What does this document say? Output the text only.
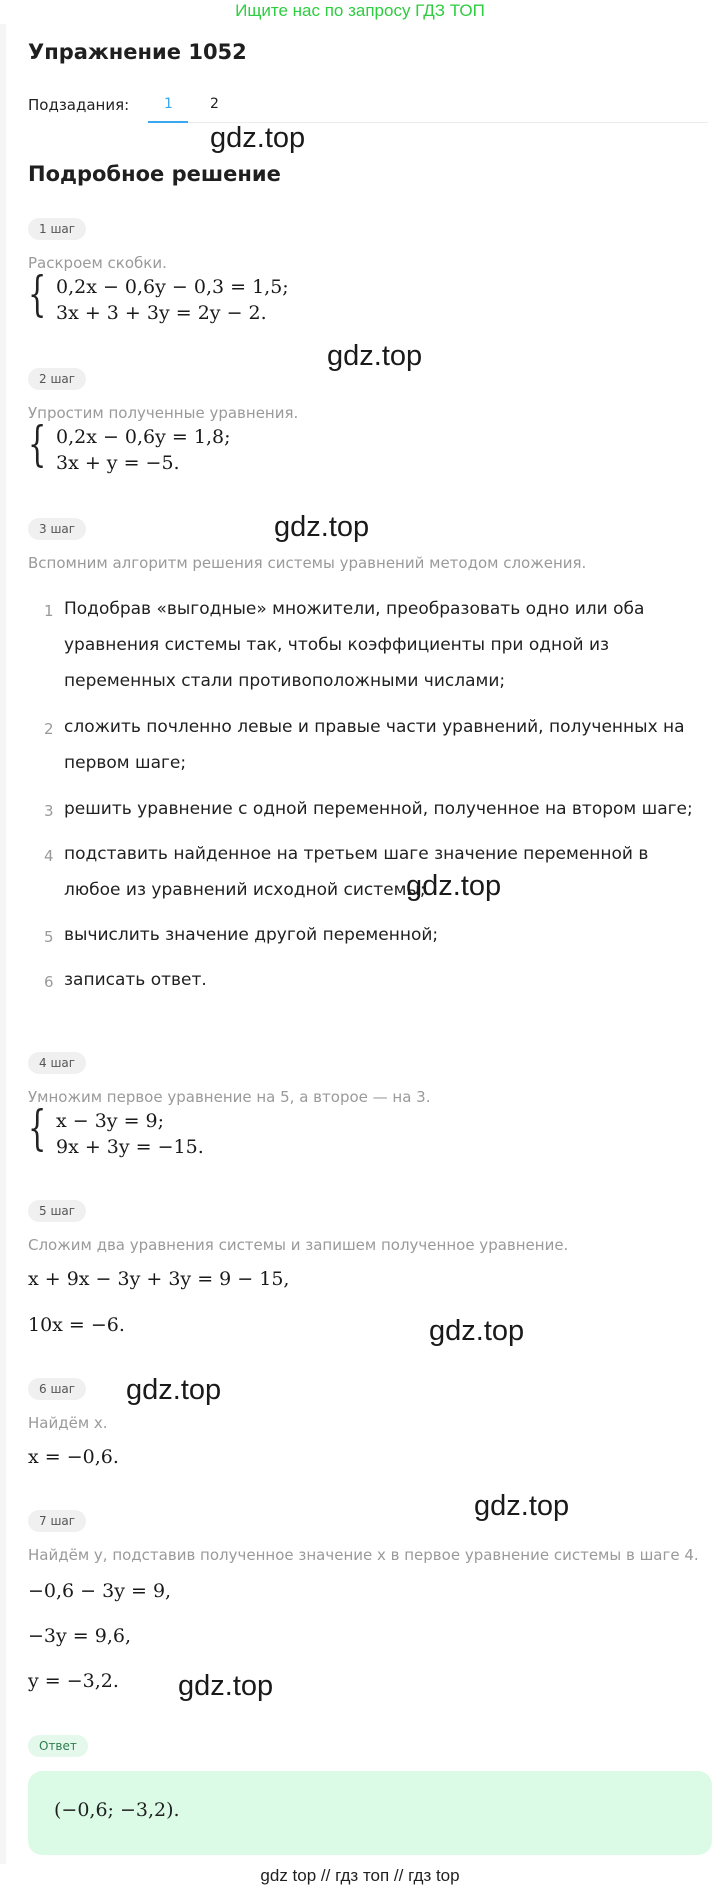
Ищите нас по запросу ГДЗ ТОП
Упражнение 1052
Подзадания: 1	2
Подробное решение
1 шаг
Раскроем скобки.
{ 0,2x − 0,6y − 0,3 = 1,5;
3x + 3 + 3y = 2y − 2.
2 шаг
Упростим полученные уравнения.
{ 0,2x − 0,6y = 1,8;
3x + y = −5.
3 шаг
Вспомним алгоритм решения системы уравнений методом сложения.
1 Подобрав «выгодные» множители, преобразовать одно или оба уравнения системы так, чтобы коэффициенты при одной из переменных стали противоположными числами;
2 сложить почленно левые и правые части уравнений, полученных на первом шаге;
3 решить уравнение с одной переменной, полученное на втором шаге;
4 подставить найденное на третьем шаге значение переменной в любое из уравнений исходной системы;
5 вычислить значение другой переменной;
6 записать ответ.
4 шаг
Умножим первое уравнение на 5, а второе — на 3.
{ x − 3y = 9;
9x + 3y = −15.
5 шаг
Сложим два уравнения системы и запишем полученное уравнение.
x + 9x − 3y + 3y = 9 − 15,
10x = −6.
6 шаг
Найдём x.
x = −0,6.
7 шаг
Найдём y, подставив полученное значение x в первое уравнение системы в шаге 4.
−0,6 − 3y = 9,
−3y = 9,6,
y = −3,2.
Ответ
(−0,6; −3,2).
gdz.top
gdz.top
gdz.top
gdz.top
gdz.top
gdz.top
gdz.top
gdz.top
gdz top // гдз топ // гдз top
